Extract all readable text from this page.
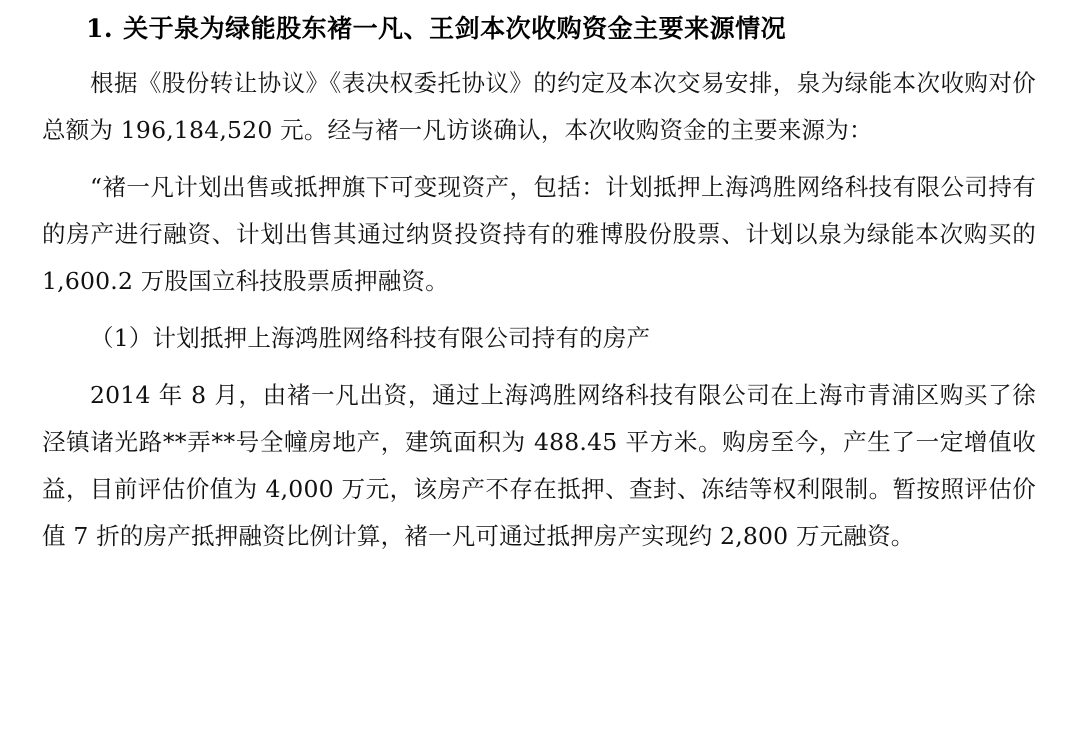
1. 关于泉为绿能股东褚一凡、王剑本次收购资金主要来源情况

根据《股份转让协议》《表决权委托协议》的约定及本次交易安排，泉为绿能本次收购对价总额为 196,184,520 元。经与褚一凡访谈确认，本次收购资金的主要来源为：

“褚一凡计划出售或抵押旗下可变现资产，包括：计划抵押上海鸿胜网络科技有限公司持有的房产进行融资、计划出售其通过纳贤投资持有的雅博股份股票、计划以泉为绿能本次购买的 1,600.2 万股国立科技股票质押融资。

（1）计划抵押上海鸿胜网络科技有限公司持有的房产

2014 年 8 月，由褚一凡出资，通过上海鸿胜网络科技有限公司在上海市青浦区购买了徐泾镇诸光路**弄**号全幢房地产，建筑面积为 488.45 平方米。购房至今，产生了一定增值收益，目前评估价值为 4,000 万元，该房产不存在抵押、查封、冻结等权利限制。暂按照评估价值 7 折的房产抵押融资比例计算，褚一凡可通过抵押房产实现约 2,800 万元融资。
